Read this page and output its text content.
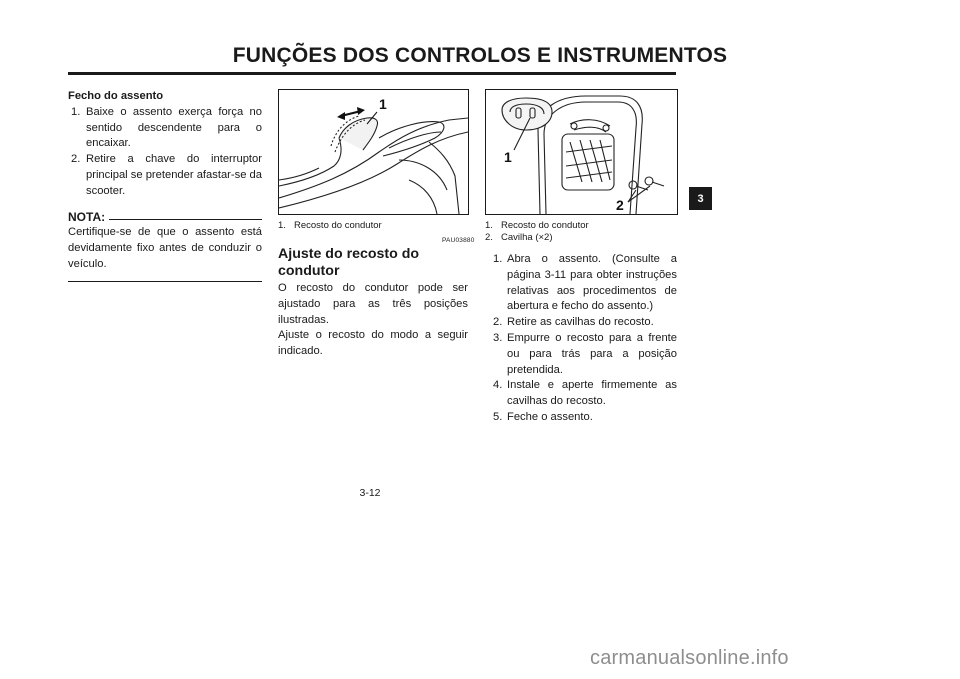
FUNÇÕES DOS CONTROLOS E INSTRUMENTOS
Fecho do assento
1. Baixe o assento exerça força no sentido descendente para o encaixar.
2. Retire a chave do interruptor principal se pretender afastar-se da scooter.
NOTA:
Certifique-se de que o assento está devidamente fixo antes de conduzir o veículo.
1
1. Recosto do condutor
PAU03880
Ajuste do recosto do condutor

O recosto do condutor pode ser ajustado para as três posições ilustradas.

Ajuste o recosto do modo a seguir indicado.

1
2
1. Recosto do condutor
2. Cavilha (×2)
1. Abra o assento. (Consulte a página 3-11 para obter instruções relativas aos procedimentos de abertura e fecho do assento.)
2. Retire as cavilhas do recosto.
3. Empurre o recosto para a frente ou para trás para a posição pretendida.
4. Instale e aperte firmemente as cavilhas do recosto.
5. Feche o assento.
3-12
3
carmanualsonline.info
